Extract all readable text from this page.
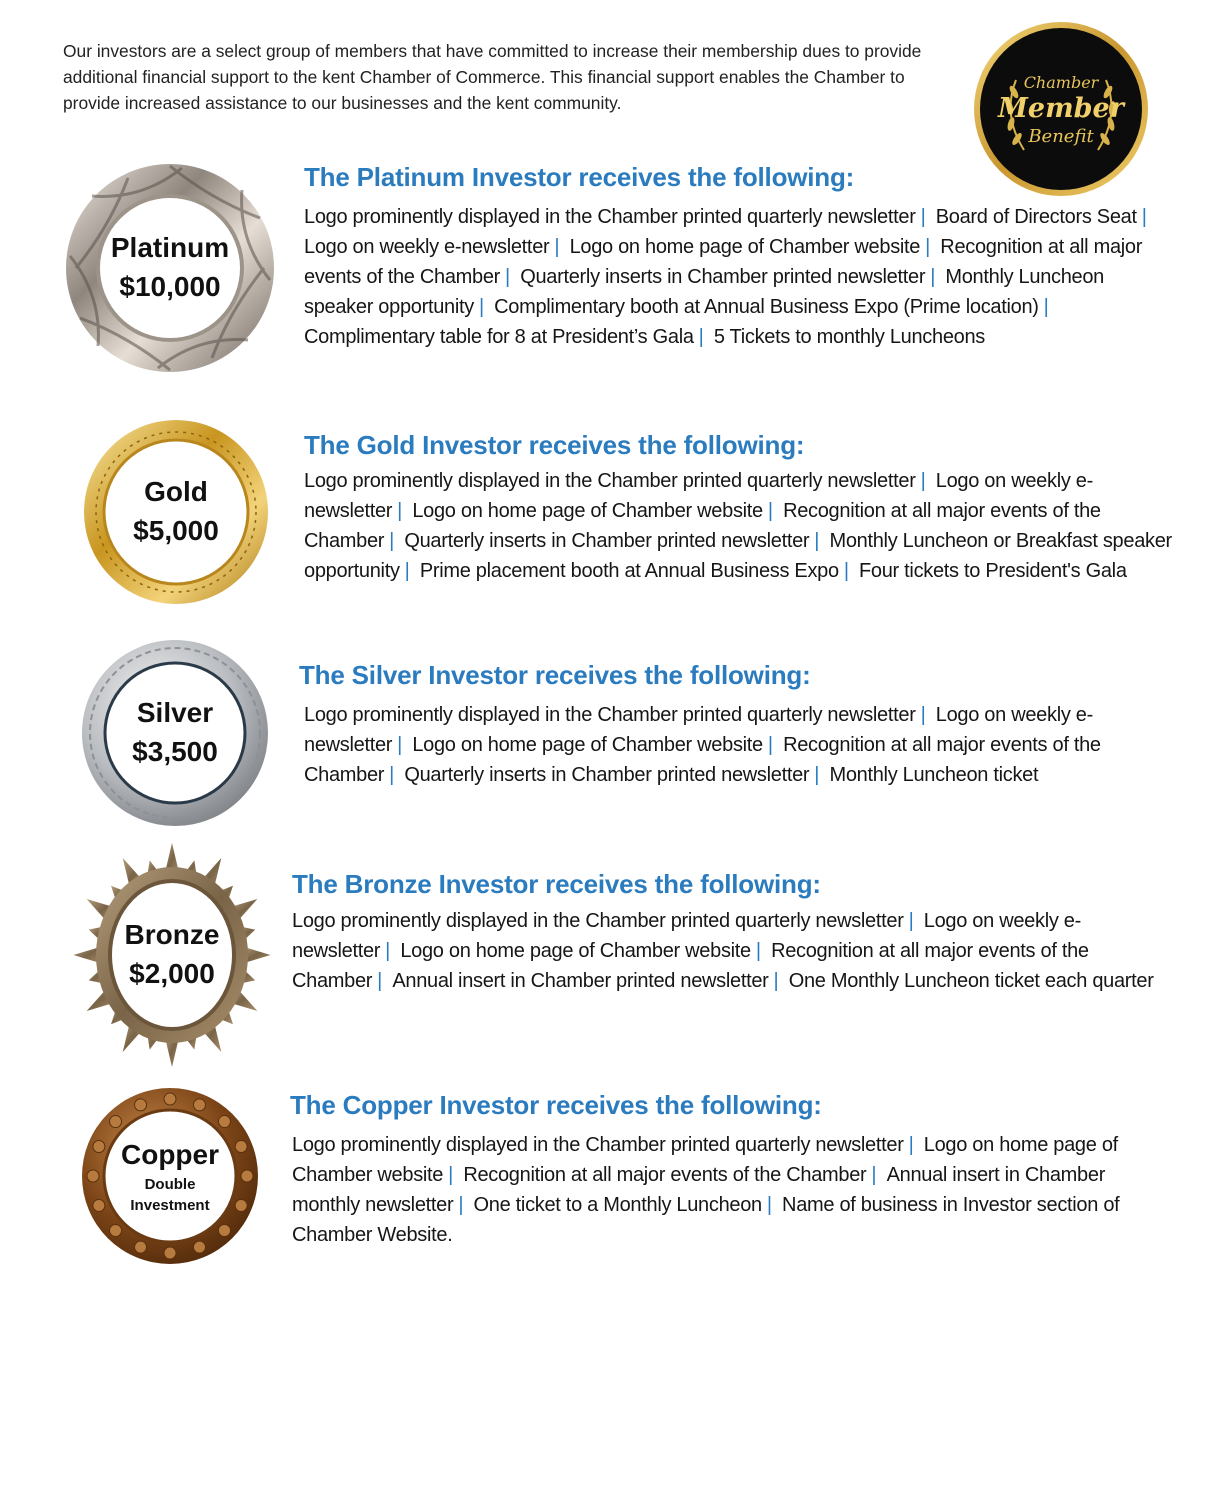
Our investors are a select group of members that have committed to increase their membership dues to provide additional financial support to the kent Chamber of Commerce. This financial support enables the Chamber to provide increased assistance to our businesses and the kent community.

Chamber
Member
Benefit
Platinum
$10,000
The Platinum Investor receives the following:
Logo prominently displayed in the Chamber printed quarterly newsletter | Board of Directors Seat | Logo on weekly e-newsletter | Logo on home page of Chamber website | Recognition at all major events of the Chamber | Quarterly inserts in Chamber printed newsletter | Monthly Luncheon speaker opportunity | Complimentary booth at Annual Business Expo (Prime location) | Complimentary table for 8 at President’s Gala | 5 Tickets to monthly Luncheons
Gold
$5,000
The Gold Investor receives the following:
Logo prominently displayed in the Chamber printed quarterly newsletter | Logo on weekly e-newsletter | Logo on home page of Chamber website | Recognition at all major events of the Chamber | Quarterly inserts in Chamber printed newsletter | Monthly Luncheon or Breakfast speaker opportunity | Prime placement booth at Annual Business Expo | Four tickets to President's Gala
Silver
$3,500
The Silver Investor receives the following:
Logo prominently displayed in the Chamber printed quarterly newsletter | Logo on weekly e-newsletter | Logo on home page of Chamber website | Recognition at all major events of the Chamber | Quarterly inserts in Chamber printed newsletter | Monthly Luncheon ticket
Bronze
$2,000
The Bronze Investor receives the following:
Logo prominently displayed in the Chamber printed quarterly newsletter | Logo on weekly e-newsletter | Logo on home page of Chamber website | Recognition at all major events of the Chamber | Annual insert in Chamber printed newsletter | One Monthly Luncheon ticket each quarter
Copper
Double
Investment
The Copper Investor receives the following:
Logo prominently displayed in the Chamber printed quarterly newsletter | Logo on home page of Chamber website | Recognition at all major events of the Chamber | Annual insert in Chamber monthly newsletter | One ticket to a Monthly Luncheon | Name of business in Investor section of Chamber Website.
